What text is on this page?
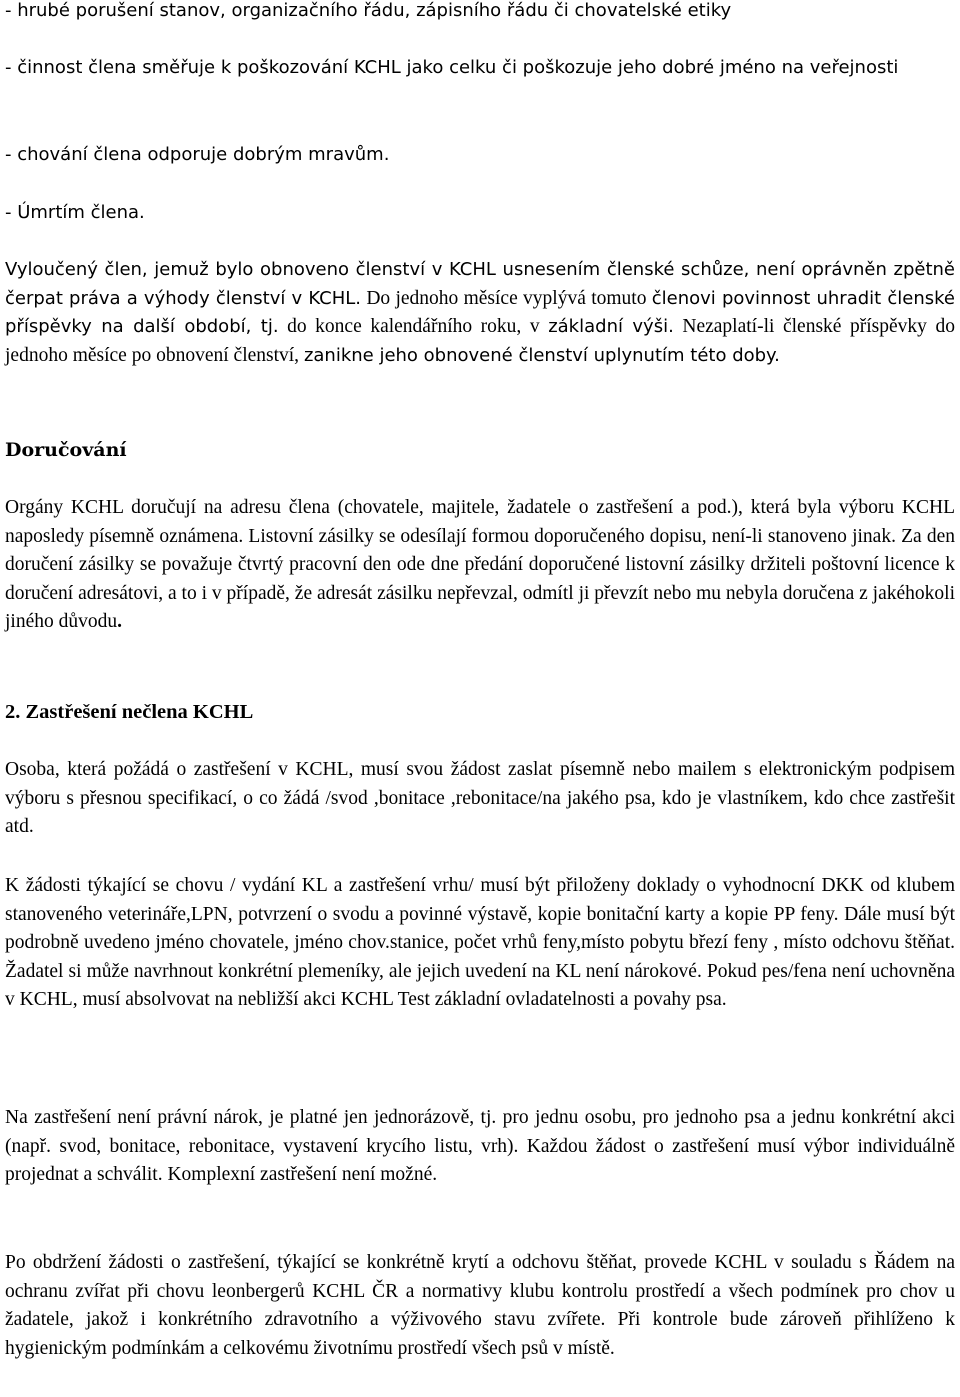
- hrubé porušení stanov, organizačního řádu, zápisního řádu či chovatelské etiky

- činnost člena směřuje k poškozování KCHL jako celku či poškozuje jeho dobré jméno na veřejnosti

- chování člena odporuje dobrým mravům.

- Úmrtím člena.

Vyloučený člen, jemuž bylo obnoveno členství v KCHL usnesením členské schůze, není oprávněn zpětně čerpat práva a výhody členství v KCHL. Do jednoho měsíce vyplývá tomuto členovi povinnost uhradit členské příspěvky na další období, tj. do konce kalendářního roku, v základní výši. Nezaplatí-li členské příspěvky do jednoho měsíce po obnovení členství, zanikne jeho obnovené členství uplynutím této doby.

Doručování

Orgány KCHL doručují na adresu člena (chovatele, majitele, žadatele o zastřešení a pod.), která byla výboru KCHL naposledy písemně oznámena. Listovní zásilky se odesílají formou doporučeného dopisu, není-li stanoveno jinak. Za den doručení zásilky se považuje čtvrtý pracovní den ode dne předání doporučené listovní zásilky držiteli poštovní licence k doručení adresátovi, a to i v případě, že adresát zásilku nepřevzal, odmítl ji převzít nebo mu nebyla doručena z jakéhokoli jiného důvodu.

2. Zastřešení nečlena KCHL

Osoba, která požádá o zastřešení v KCHL, musí svou žádost zaslat písemně nebo mailem s elektronickým podpisem výboru s přesnou specifikací, o co žádá /svod ,bonitace ,rebonitace/na jakého psa, kdo je vlastníkem, kdo chce zastřešit atd.

K žádosti týkající se chovu / vydání KL a zastřešení vrhu/ musí být přiloženy doklady o vyhodnocní DKK od klubem stanoveného veterináře,LPN, potvrzení o svodu a povinné výstavě, kopie bonitační karty a kopie PP feny. Dále musí být podrobně uvedeno jméno chovatele, jméno chov.stanice, počet vrhů feny,místo pobytu březí feny , místo odchovu štěňat. Žadatel si může navrhnout konkrétní plemeníky, ale jejich uvedení na KL není nárokové. Pokud pes/fena není uchovněna v KCHL, musí absolvovat na nebližší akci KCHL Test základní ovladatelnosti a povahy psa.

Na zastřešení není právní nárok, je platné jen jednorázově, tj. pro jednu osobu, pro jednoho psa a jednu konkrétní akci (např. svod, bonitace, rebonitace, vystavení krycího listu, vrh). Každou žádost o zastřešení musí výbor individuálně projednat a schválit. Komplexní zastřešení není možné.

Po obdržení žádosti o zastřešení, týkající se konkrétně krytí a odchovu štěňat, provede KCHL v souladu s Řádem na ochranu zvířat při chovu leonbergerů KCHL ČR a normativy klubu kontrolu prostředí a všech podmínek pro chov u žadatele, jakož i konkrétního zdravotního a výživového stavu zvířete. Při kontrole bude zároveň přihlíženo k hygienickým podmínkám a celkovému životnímu prostředí všech psů v místě.
